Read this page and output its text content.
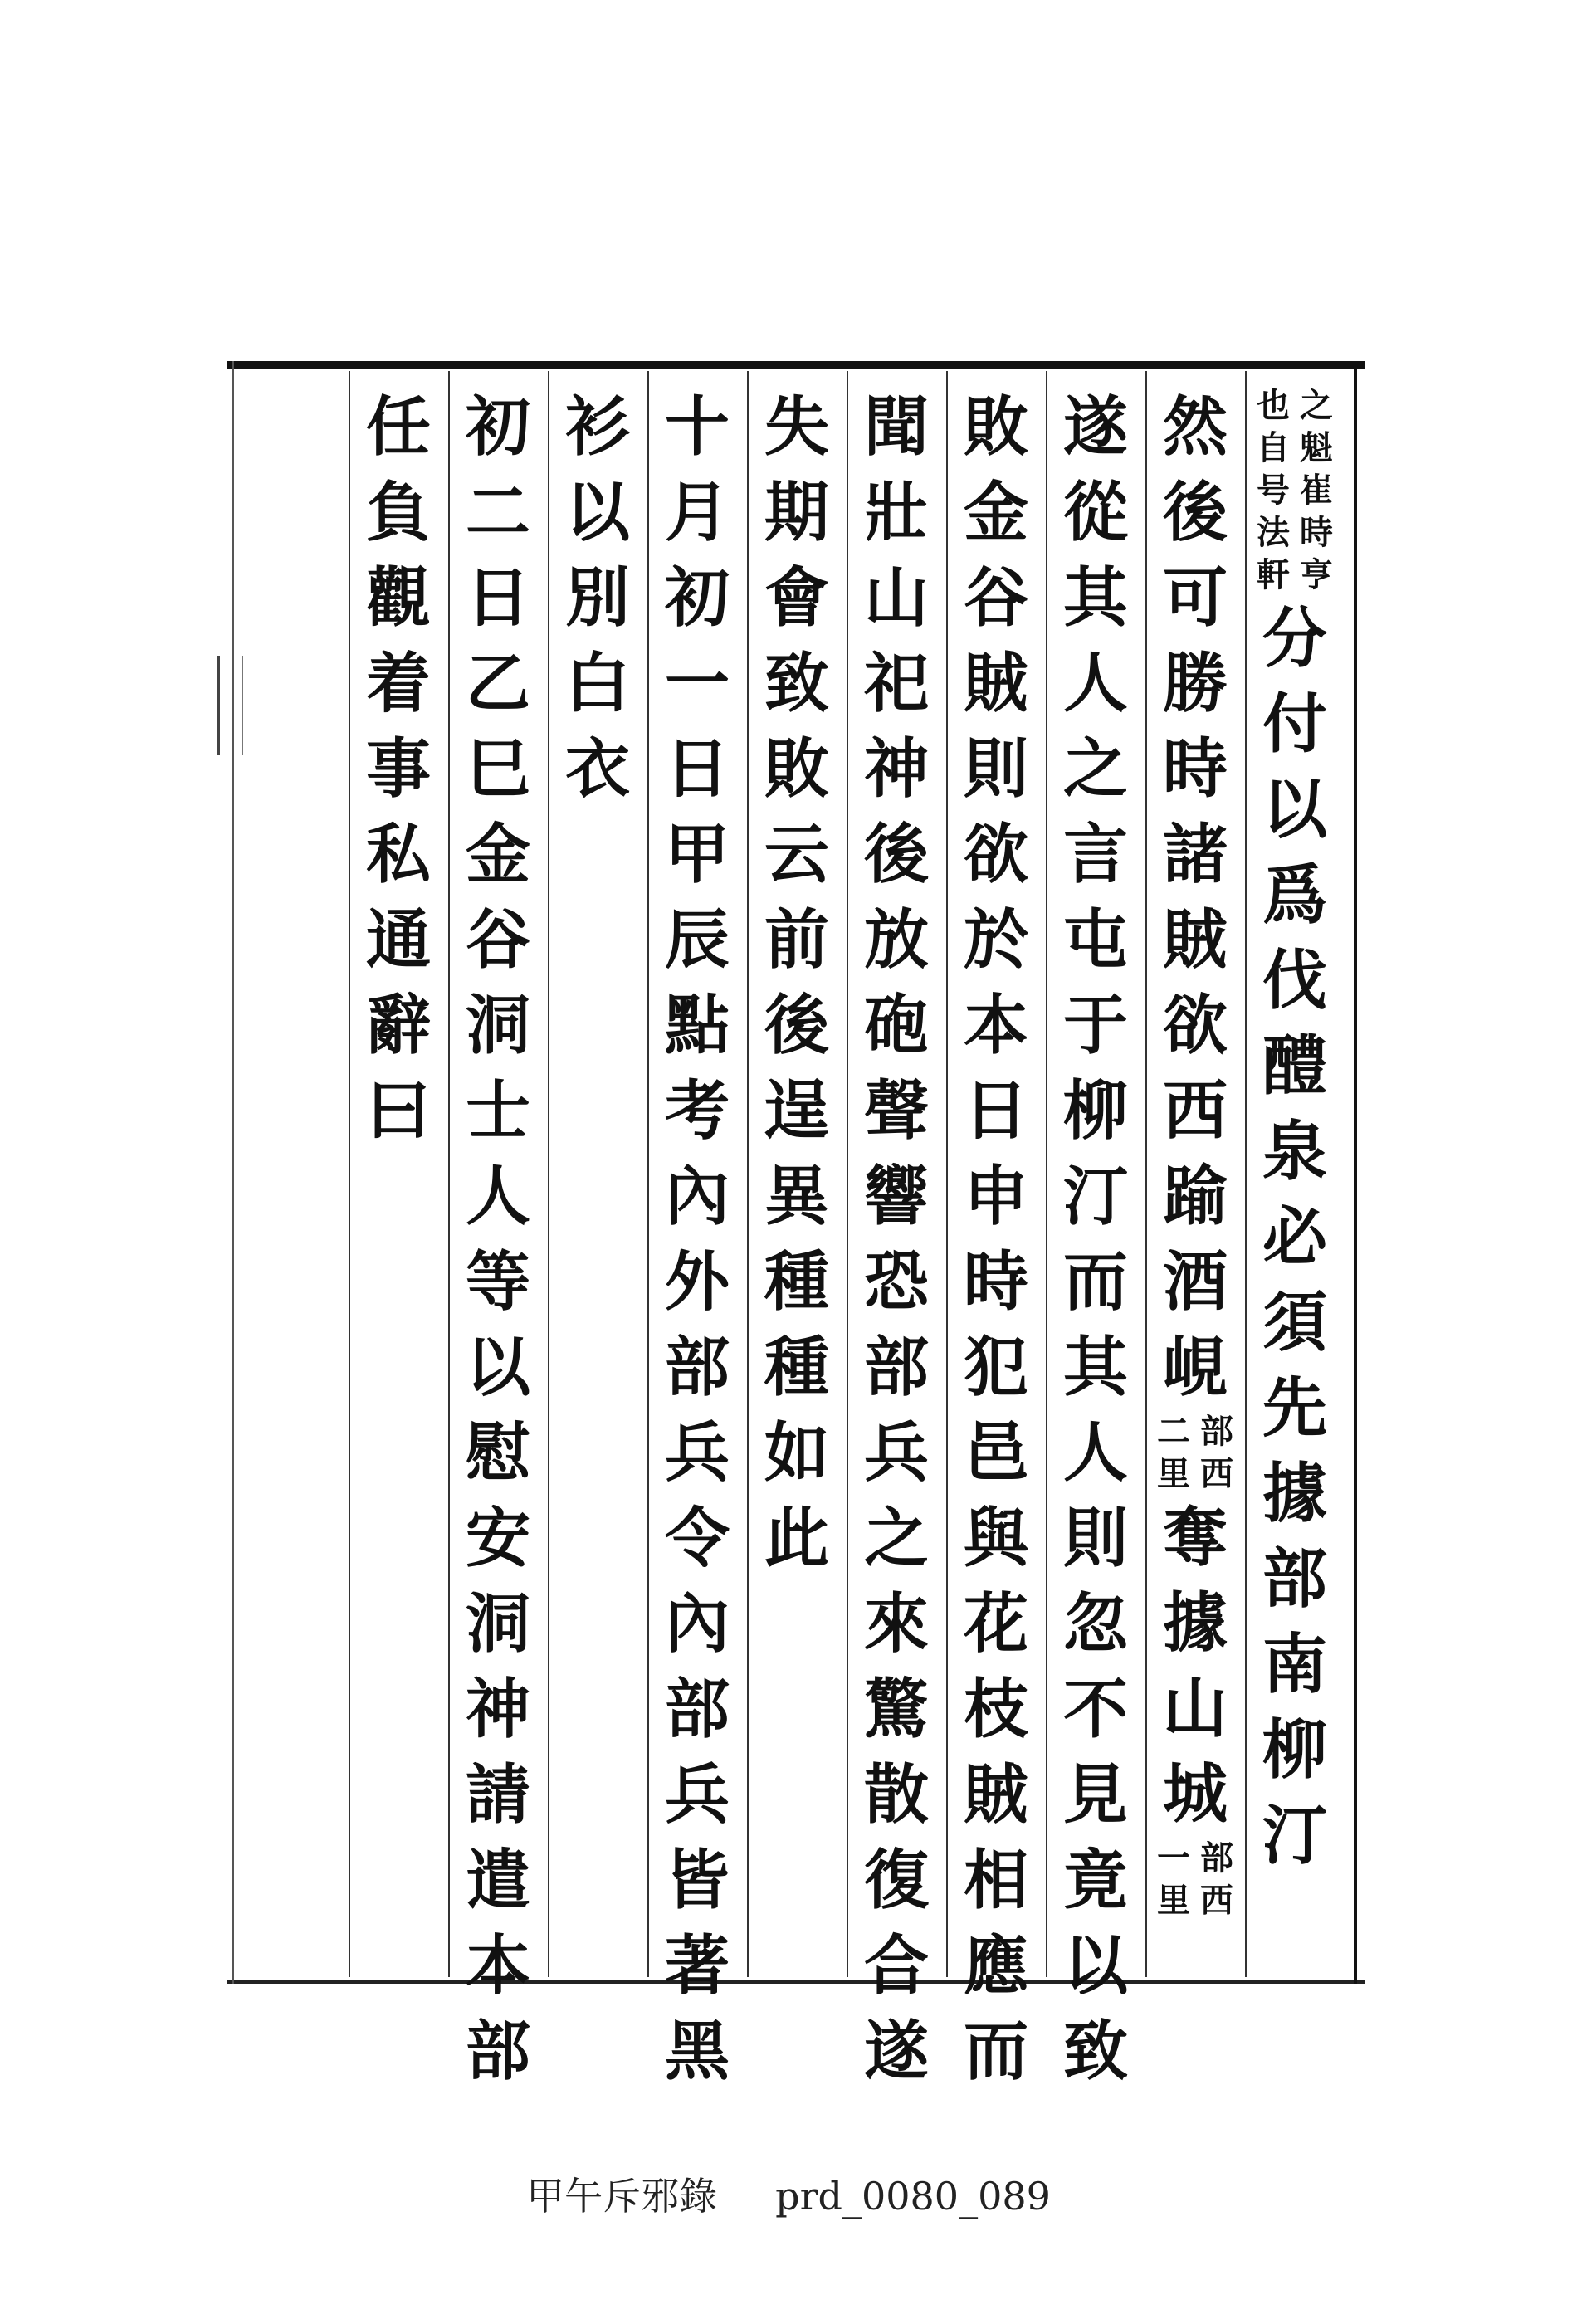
之
魁
崔
時
亨
也
自
号
法
軒
分
付
以
爲
伐
醴
泉
必
須
先
據
部
南
柳
汀
然
後
可
勝
時
諸
賊
欲
西
踰
酒
峴
部
西
二
里
奪
據
山
城
部
西
一
里
遂
從
其
人
之
言
屯
于
柳
汀
而
其
人
則
忽
不
見
竟
以
致
敗
金
谷
賊
則
欲
於
本
日
申
時
犯
邑
與
花
枝
賊
相
應
而
聞
壯
山
祀
神
後
放
砲
聲
響
恐
部
兵
之
來
驚
散
復
合
遂
失
期
會
致
敗
云
前
後
逞
異
種
種
如
此
十
月
初
一
日
甲
辰
點
考
內
外
部
兵
令
內
部
兵
皆
著
黑
衫
以
別
白
衣
初
二
日
乙
巳
金
谷
洞
士
人
等
以
慰
安
洞
神
請
遣
本
部
任
負
觀
着
事
私
通
辭
曰
甲午斥邪錄 prd_0080_089
